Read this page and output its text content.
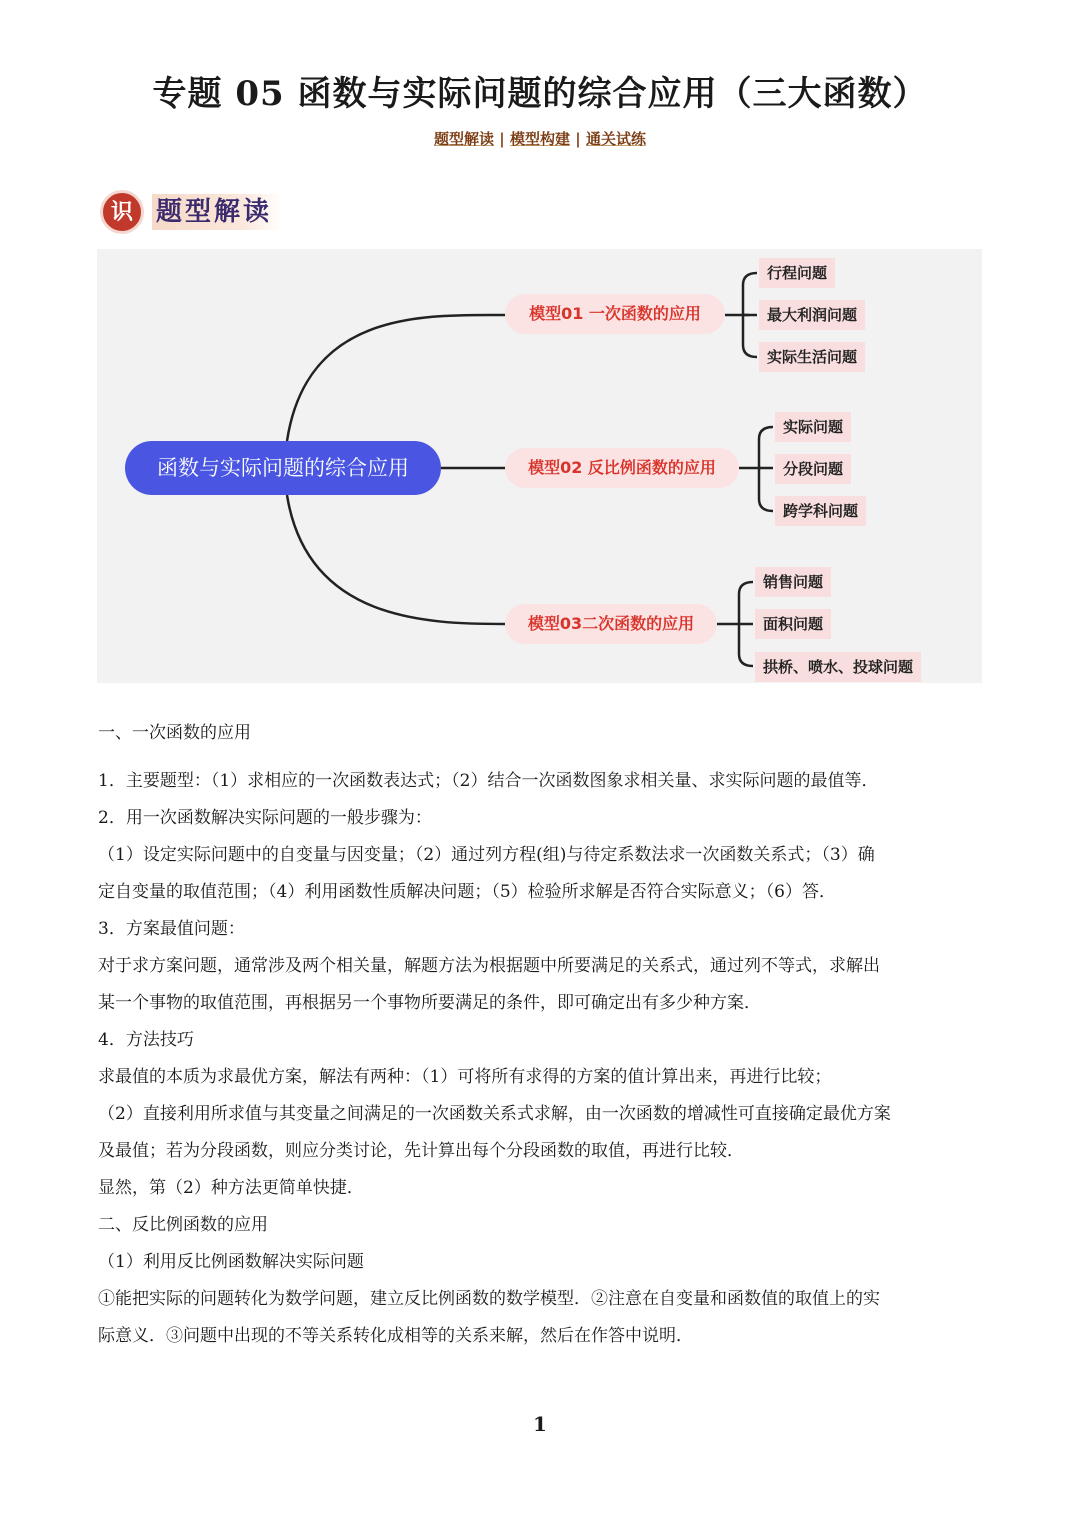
专题 05 函数与实际问题的综合应用（三大函数）
题型解读 | 模型构建 | 通关试练
识 题型解读
函数与实际问题的综合应用
模型01 一次函数的应用
模型02 反比例函数的应用
模型03二次函数的应用
行程问题
最大利润问题
实际生活问题
实际问题
分段问题
跨学科问题
销售问题
面积问题
拱桥、喷水、投球问题
一、一次函数的应用
1．主要题型：（1）求相应的一次函数表达式；（2）结合一次函数图象求相关量、求实际问题的最值等．
2．用一次函数解决实际问题的一般步骤为：
（1）设定实际问题中的自变量与因变量；（2）通过列方程(组)与待定系数法求一次函数关系式；（3）确
定自变量的取值范围；（4）利用函数性质解决问题；（5）检验所求解是否符合实际意义；（6）答．
3．方案最值问题：
对于求方案问题，通常涉及两个相关量，解题方法为根据题中所要满足的关系式，通过列不等式，求解出
某一个事物的取值范围，再根据另一个事物所要满足的条件，即可确定出有多少种方案．
4．方法技巧
求最值的本质为求最优方案，解法有两种：（1）可将所有求得的方案的值计算出来，再进行比较；
（2）直接利用所求值与其变量之间满足的一次函数关系式求解，由一次函数的增减性可直接确定最优方案
及最值；若为分段函数，则应分类讨论，先计算出每个分段函数的取值，再进行比较．
显然，第（2）种方法更简单快捷．
二、反比例函数的应用
（1）利用反比例函数解决实际问题
①能把实际的问题转化为数学问题，建立反比例函数的数学模型．②注意在自变量和函数值的取值上的实
际意义．③问题中出现的不等关系转化成相等的关系来解，然后在作答中说明．
1
